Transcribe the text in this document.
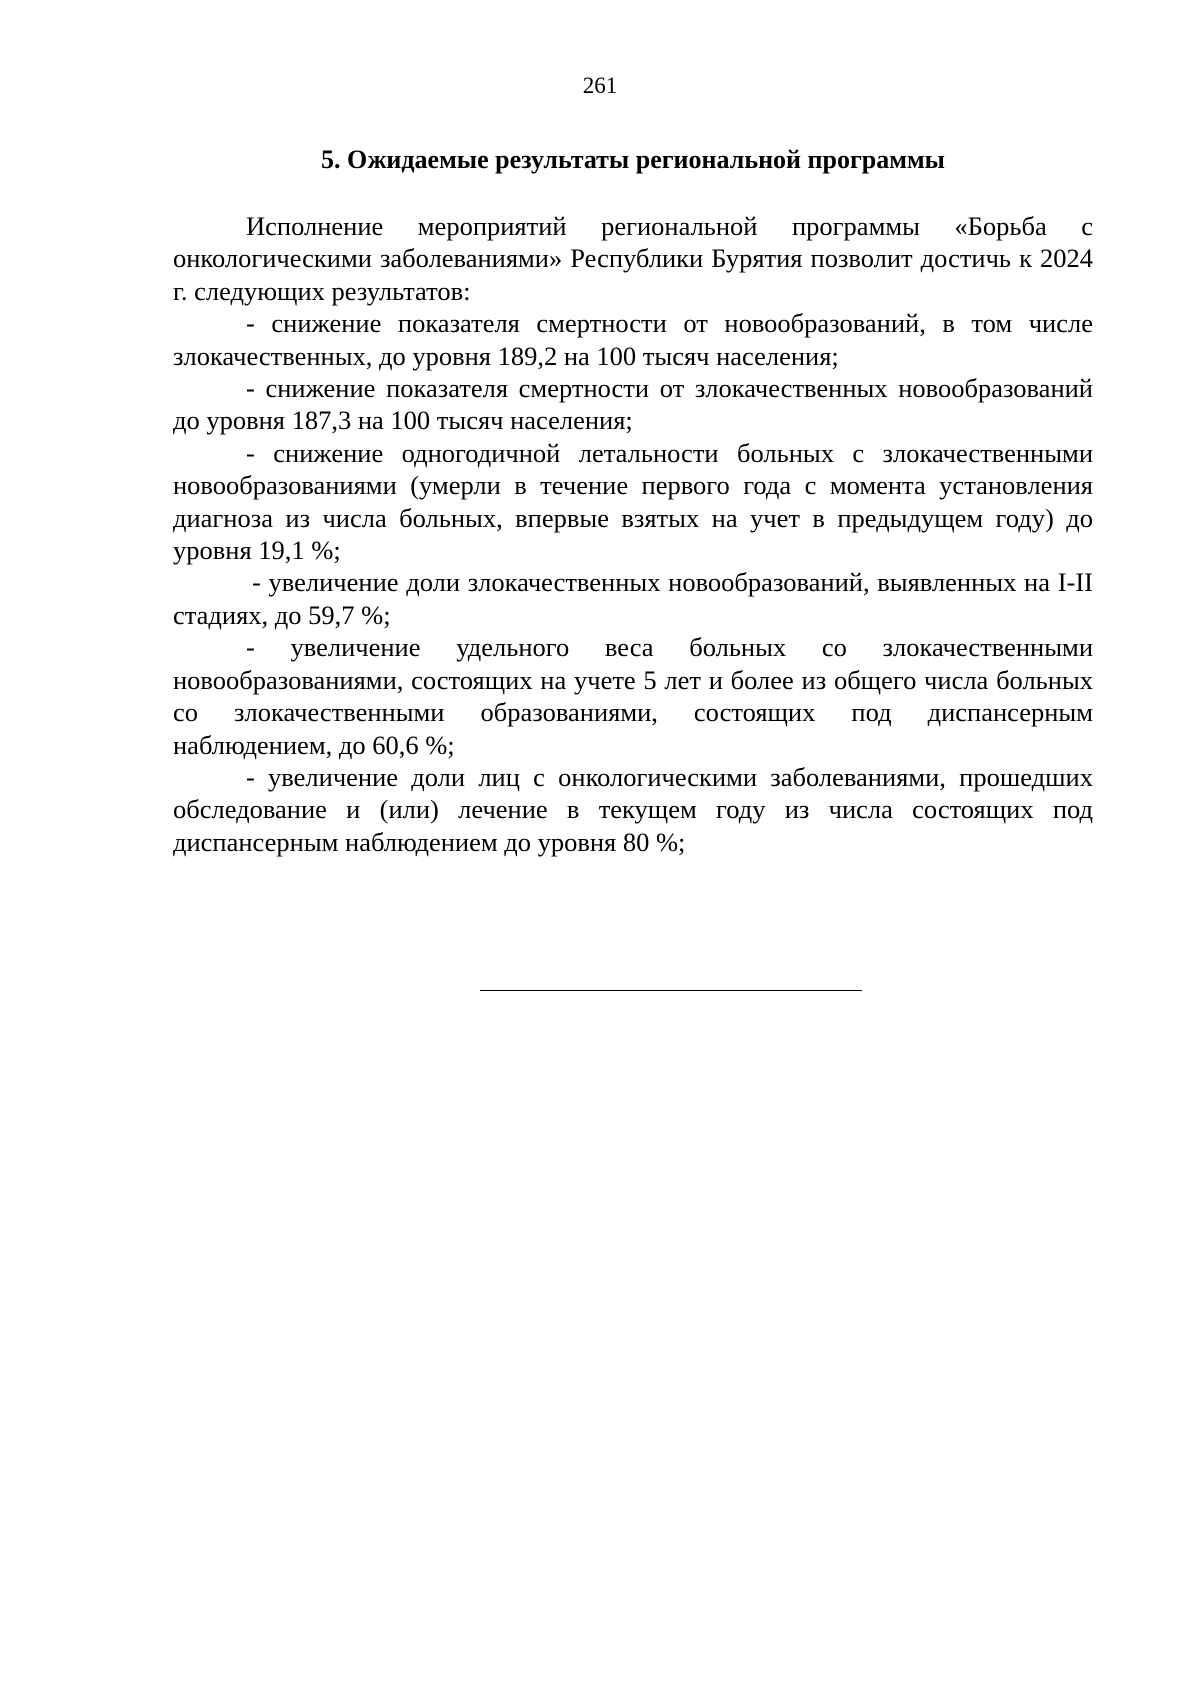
261
5. Ожидаемые результаты региональной программы

Исполнение мероприятий региональной программы «Борьба с онкологическими заболеваниями» Республики Бурятия позволит достичь к 2024 г. следующих результатов:

- снижение показателя смертности от новообразований, в том числе злокачественных, до уровня 189,2 на 100 тысяч населения;

- снижение показателя смертности от злокачественных новообразований до уровня 187,3 на 100 тысяч населения;

- снижение одногодичной летальности больных с злокачественными новообразованиями (умерли в течение первого года с момента установления диагноза из числа больных, впервые взятых на учет в предыдущем году) до уровня 19,1 %;

- увеличение доли злокачественных новообразований, выявленных на I-II стадиях, до 59,7 %;

- увеличение удельного веса больных со злокачественными новообразованиями, состоящих на учете 5 лет и более из общего числа больных со злокачественными образованиями, состоящих под диспансерным наблюдением, до 60,6 %;

- увеличение доли лиц с онкологическими заболеваниями, прошедших обследование и (или) лечение в текущем году из числа состоящих под диспансерным наблюдением до уровня 80 %;
